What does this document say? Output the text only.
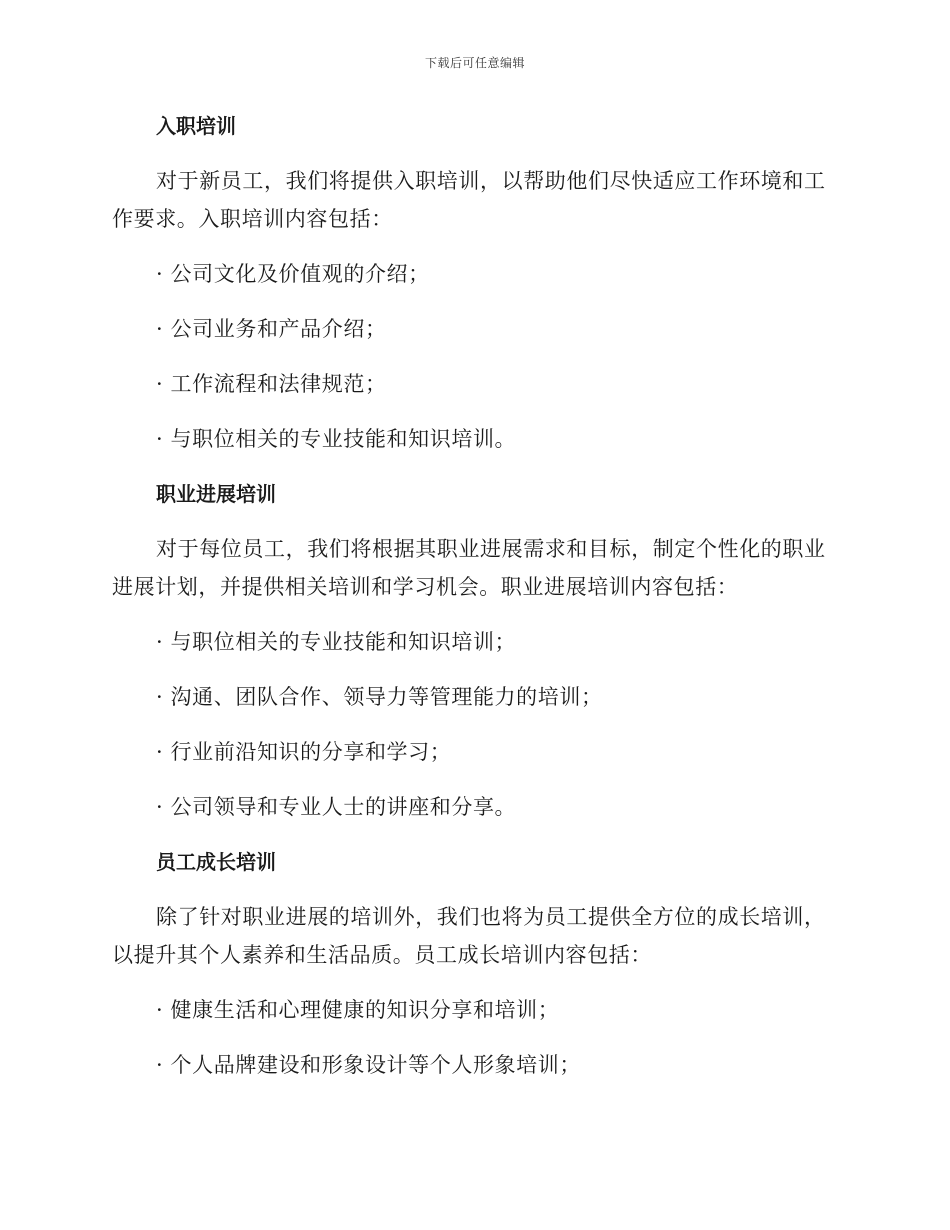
下载后可任意编辑
入职培训
对于新员工，我们将提供入职培训，以帮助他们尽快适应工作环境和工作要求。入职培训内容包括：
· 公司文化及价值观的介绍；
· 公司业务和产品介绍；
· 工作流程和法律规范；
· 与职位相关的专业技能和知识培训。
职业进展培训
对于每位员工，我们将根据其职业进展需求和目标，制定个性化的职业进展计划，并提供相关培训和学习机会。职业进展培训内容包括：
· 与职位相关的专业技能和知识培训；
· 沟通、团队合作、领导力等管理能力的培训；
· 行业前沿知识的分享和学习；
· 公司领导和专业人士的讲座和分享。
员工成长培训
除了针对职业进展的培训外，我们也将为员工提供全方位的成长培训，以提升其个人素养和生活品质。员工成长培训内容包括：
· 健康生活和心理健康的知识分享和培训；
· 个人品牌建设和形象设计等个人形象培训；
